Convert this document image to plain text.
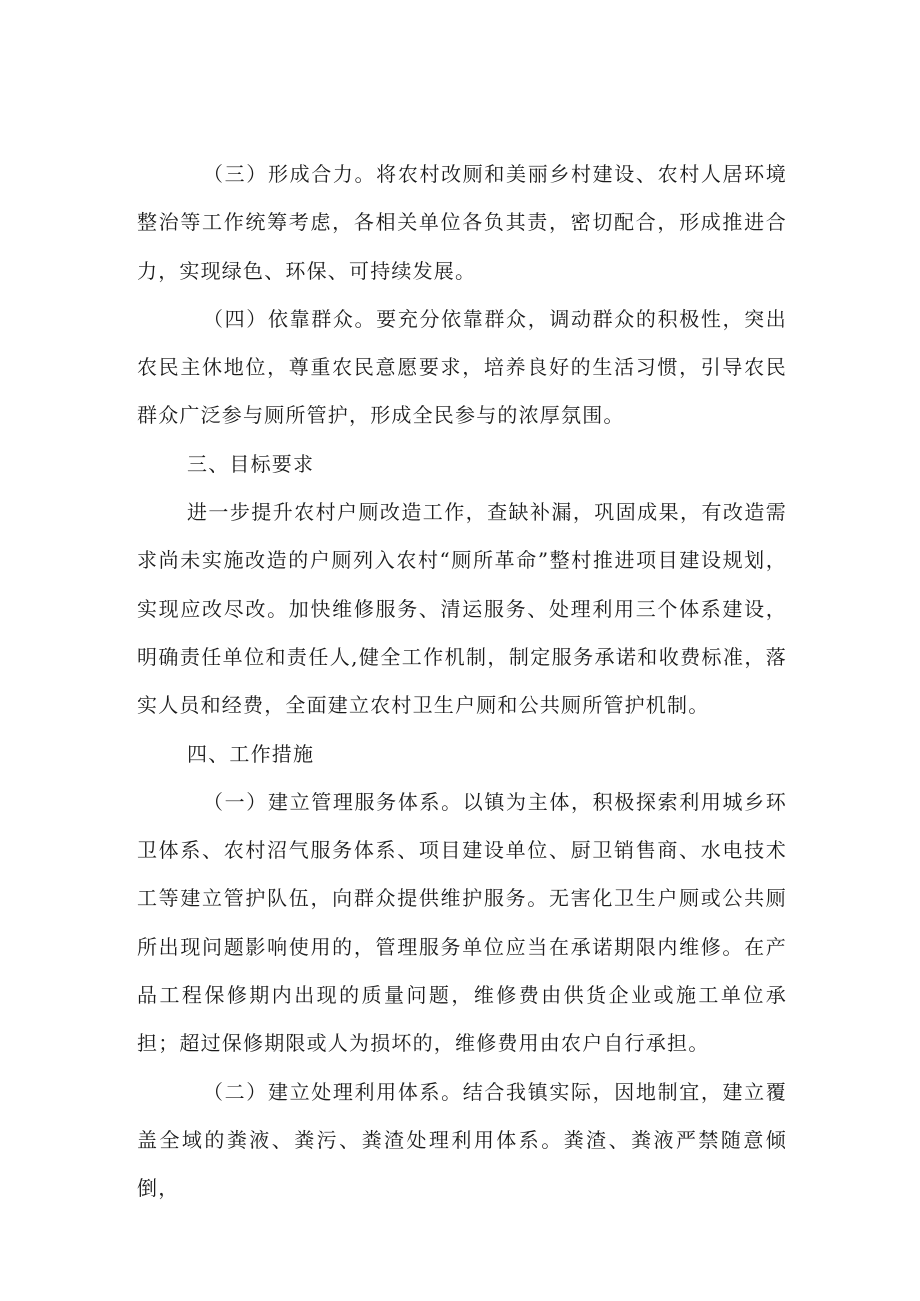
（三）形成合力。将农村改厕和美丽乡村建设、农村人居环境整治等工作统筹考虑，各相关单位各负其责，密切配合，形成推进合力，实现绿色、环保、可持续发展。

（四）依靠群众。要充分依靠群众，调动群众的积极性，突出农民主休地位，尊重农民意愿要求，培养良好的生活习惯，引导农民群众广泛参与厕所管护，形成全民参与的浓厚氛围。

三、目标要求

进一步提升农村户厕改造工作，查缺补漏，巩固成果，有改造需求尚未实施改造的户厕列入农村“厕所革命”整村推进项目建设规划，实现应改尽改。加快维修服务、清运服务、处理利用三个体系建设，明确责任单位和责任人,健全工作机制，制定服务承诺和收费标准，落实人员和经费，全面建立农村卫生户厕和公共厕所管护机制。

四、工作措施

（一）建立管理服务体系。以镇为主体，积极探索利用城乡环卫体系、农村沼气服务体系、项目建设单位、厨卫销售商、水电技术工等建立管护队伍，向群众提供维护服务。无害化卫生户厕或公共厕所出现问题影响使用的，管理服务单位应当在承诺期限内维修。在产品工程保修期内出现的质量问题，维修费由供货企业或施工单位承担；超过保修期限或人为损坏的，维修费用由农户自行承担。

（二）建立处理利用体系。结合我镇实际，因地制宜，建立覆盖全域的粪液、粪污、粪渣处理利用体系。粪渣、粪液严禁随意倾倒，
